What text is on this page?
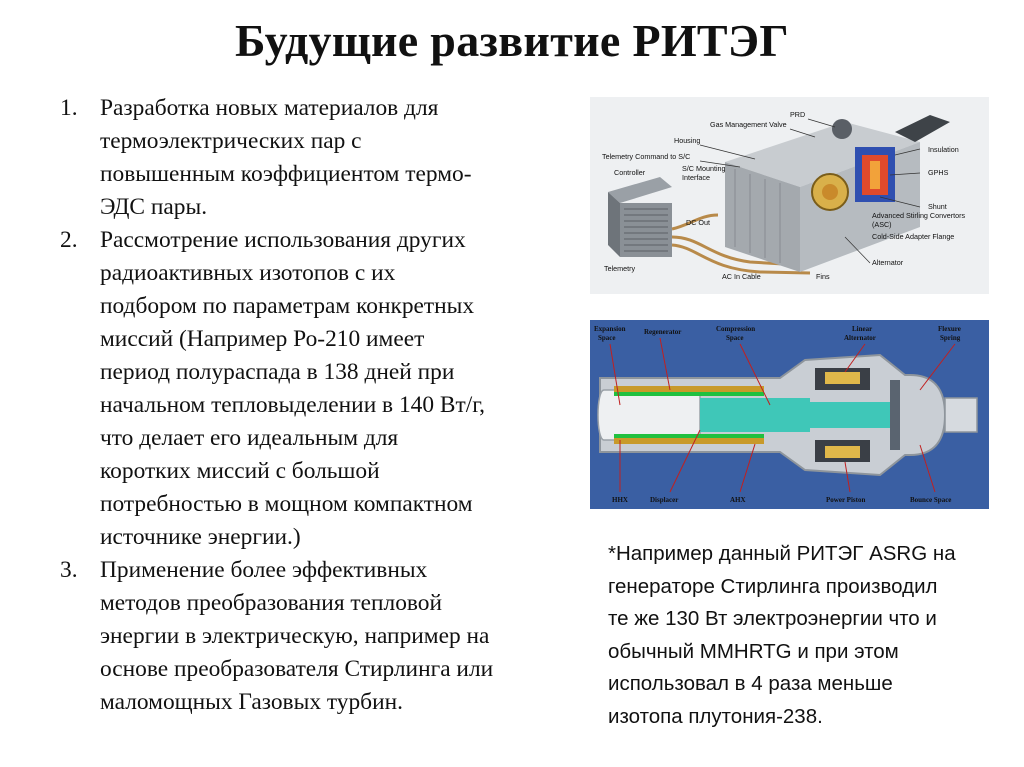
Будущие развитие РИТЭГ
1. Разработка новых материалов для
термоэлектрических пар с
повышенным коэффициентом термо-
ЭДС пары.
2. Рассмотрение использования других
радиоактивных изотопов с их
подбором по параметрам конкретных
миссий (Например Ро-210 имеет
период полураспада в 138 дней при
начальном тепловыделении в 140 Вт/г,
что делает его идеальным для
коротких миссий с большой
потребностью в мощном компактном
источнике энергии.)
3. Применение более эффективных
методов преобразования тепловой
энергии в электрическую, например на
основе преобразователя Стирлинга или
маломощных Газовых турбин.
PRD
Gas Management Valve
Housing
Telemetry Command to S/C
S/C Mounting
Interface
Controller
DC Out
Telemetry
AC In Cable	Fins
Insulation
GPHS
Shunt
Advanced Stirling Convertors
(ASC)
Cold-Side Adapter Flange
Alternator
Expansion
Space
Regenerator	Compression
Space
Linear
Alternator
Flexure
Spring
HHX	Displacer	AHX	Power Piston	Bounce Space
*Например данный РИТЭГ ASRG на
генераторе Стирлинга производил
те же 130 Вт электроэнергии что и
обычный MMHRTG и при этом
использовал в 4 раза меньше
изотопа плутония-238.
